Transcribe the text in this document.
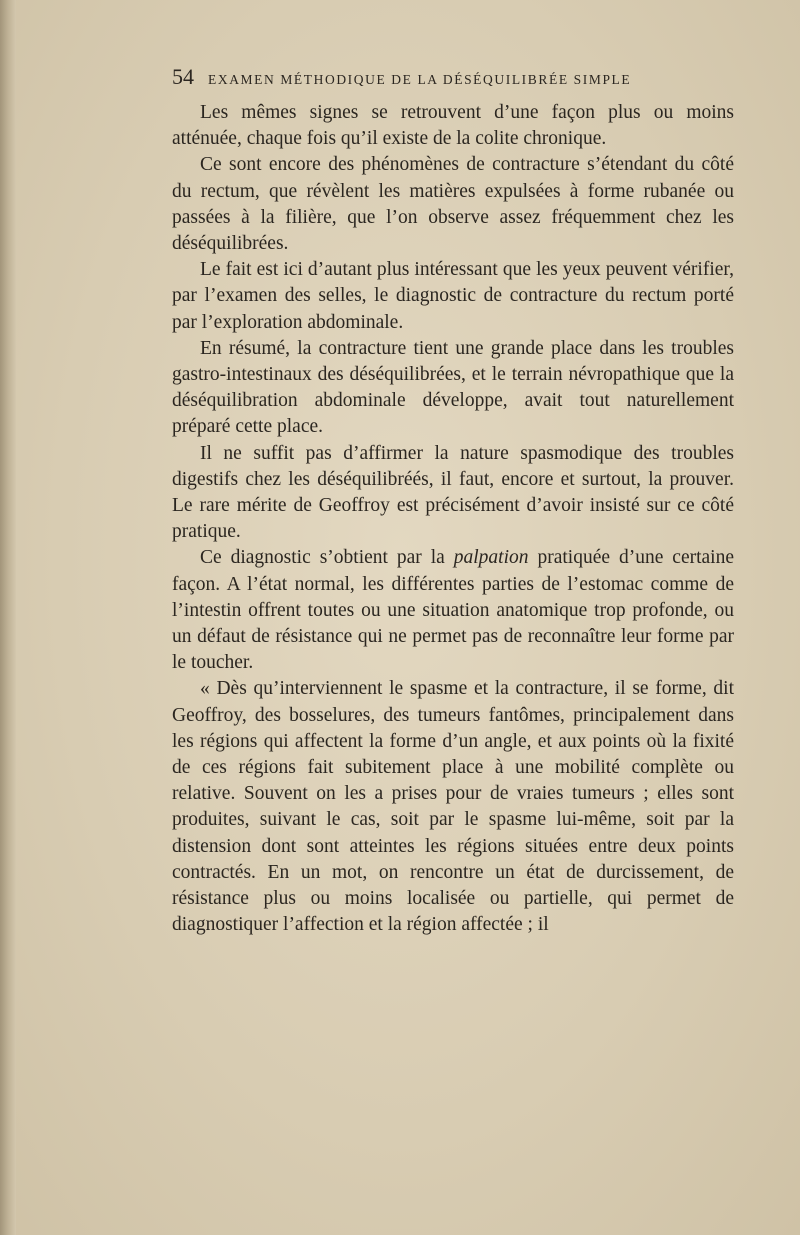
54 EXAMEN MÉTHODIQUE DE LA DÉSÉQUILIBRÉE SIMPLE

Les mêmes signes se retrouvent d’une façon plus ou moins atténuée, chaque fois qu’il existe de la colite chronique.

Ce sont encore des phénomènes de contracture s’étendant du côté du rectum, que révèlent les matières expulsées à forme rubanée ou passées à la filière, que l’on observe assez fréquemment chez les déséquilibrées.

Le fait est ici d’autant plus intéressant que les yeux peuvent vérifier, par l’examen des selles, le diagnostic de contracture du rectum porté par l’exploration abdominale.

En résumé, la contracture tient une grande place dans les troubles gastro-intestinaux des déséquilibrées, et le terrain névropathique que la déséquilibration abdominale développe, avait tout naturellement préparé cette place.

Il ne suffit pas d’affirmer la nature spasmodique des troubles digestifs chez les déséquilibréés, il faut, encore et surtout, la prouver. Le rare mérite de Geoffroy est précisément d’avoir insisté sur ce côté pratique.

Ce diagnostic s’obtient par la palpation pratiquée d’une certaine façon. A l’état normal, les différentes parties de l’estomac comme de l’intestin offrent toutes ou une situation anatomique trop profonde, ou un défaut de résistance qui ne permet pas de reconnaître leur forme par le toucher.

« Dès qu’interviennent le spasme et la contracture, il se forme, dit Geoffroy, des bosselures, des tumeurs fantômes, principalement dans les régions qui affectent la forme d’un angle, et aux points où la fixité de ces régions fait subitement place à une mobilité complète ou relative. Souvent on les a prises pour de vraies tumeurs ; elles sont produites, suivant le cas, soit par le spasme lui-même, soit par la distension dont sont atteintes les régions situées entre deux points contractés. En un mot, on rencontre un état de durcissement, de résistance plus ou moins localisée ou partielle, qui permet de diagnostiquer l’affection et la région affectée ; il
